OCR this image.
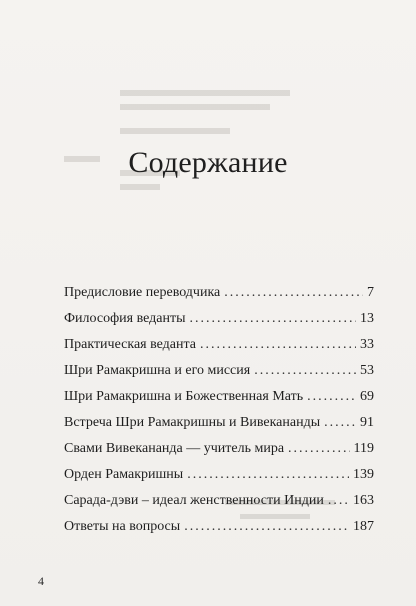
Содержание
Предисловие переводчика .....	7
Философия веданты .....	13
Практическая веданта .....	33
Шри Рамакришна и его миссия .....	53
Шри Рамакришна и Божественная Мать .....	69
Встреча Шри Рамакришны и Вивекананды .....	91
Свами Вивекананда — учитель мира .....	119
Орден Рамакришны .....	139
Сарада-дэви – идеал женственности Индии ..... 163
Ответы на вопросы .....	187
4
